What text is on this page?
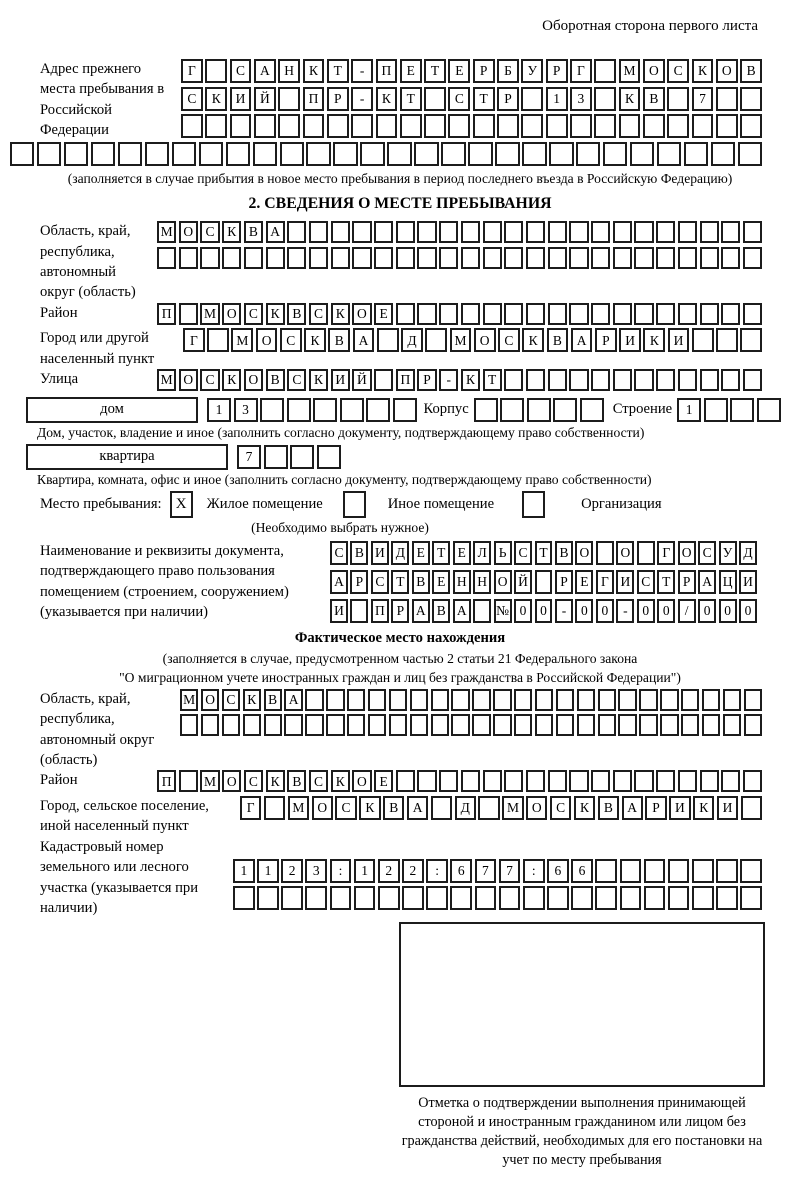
Оборотная сторона первого листа
Адрес прежнего места пребывания в Российской Федерации
Г	С	А	Н	К	Т	-	П	Е	Т	Е	Р	Б	У	Р	Г	М О	С	К	О	В
С	К	И	Й	П	Р	-	К	Т	С	Т	Р	1	3	К	В	7
(заполняется в случае прибытия в новое место пребывания в период последнего въезда в Российскую Федерацию)
2. СВЕДЕНИЯ О МЕСТЕ ПРЕБЫВАНИЯ
Область, край, республика, автономный округ (область)
М О С К В А
Район	П	М О С К В С К О Е
Город или другой населенный пункт
Г	М О	С	К	В	А	Д	М О	С	К	В	А	Р	И	К	И
Улица	М О С К О В С К И Й	П Р	-	К Т
дом	1	3	Корпус	Строение	1
Дом, участок, владение и иное (заполнить согласно документу, подтверждающему право собственности)
квартира	7
Квартира, комната, офис и иное (заполнить согласно документу, подтверждающему право собственности)
Место пребывания: X Жилое помещение	Иное помещение	Организация
(Необходимо выбрать нужное)
Наименование и реквизиты документа, подтверждающего право пользования помещением (строением, сооружением) (указывается при наличии)
С В И Д Е Т Е Л Ь С Т В О	О	Г О С У Д
А Р С Т В Е Н Н О Й	Р Е Г И С Т Р А Ц И
И	П Р А В А	№ 0	0	-	0	0	-	0	0	/	0	0	0
Фактическое место нахождения
(заполняется в случае, предусмотренном частью 2 статьи 21 Федерального закона
"О миграционном учете иностранных граждан и лиц без гражданства в Российской Федерации")
Область, край, республика, автономный округ (область)
М О С К В А
Район	П	М О С К В С К О Е
Город, сельское поселение, иной населенный пункт
Г	М О	С	К	В	А	Д	М О	С	К	В	А	Р	И	К	И
Кадастровый номер земельного или лесного участка (указывается при наличии)
1	1	2	3	:	1	2	2	:	6	7	7	:	6	6
Отметка о подтверждении выполнения принимающей стороной и иностранным гражданином или лицом без гражданства действий, необходимых для его постановки на учет по месту пребывания
